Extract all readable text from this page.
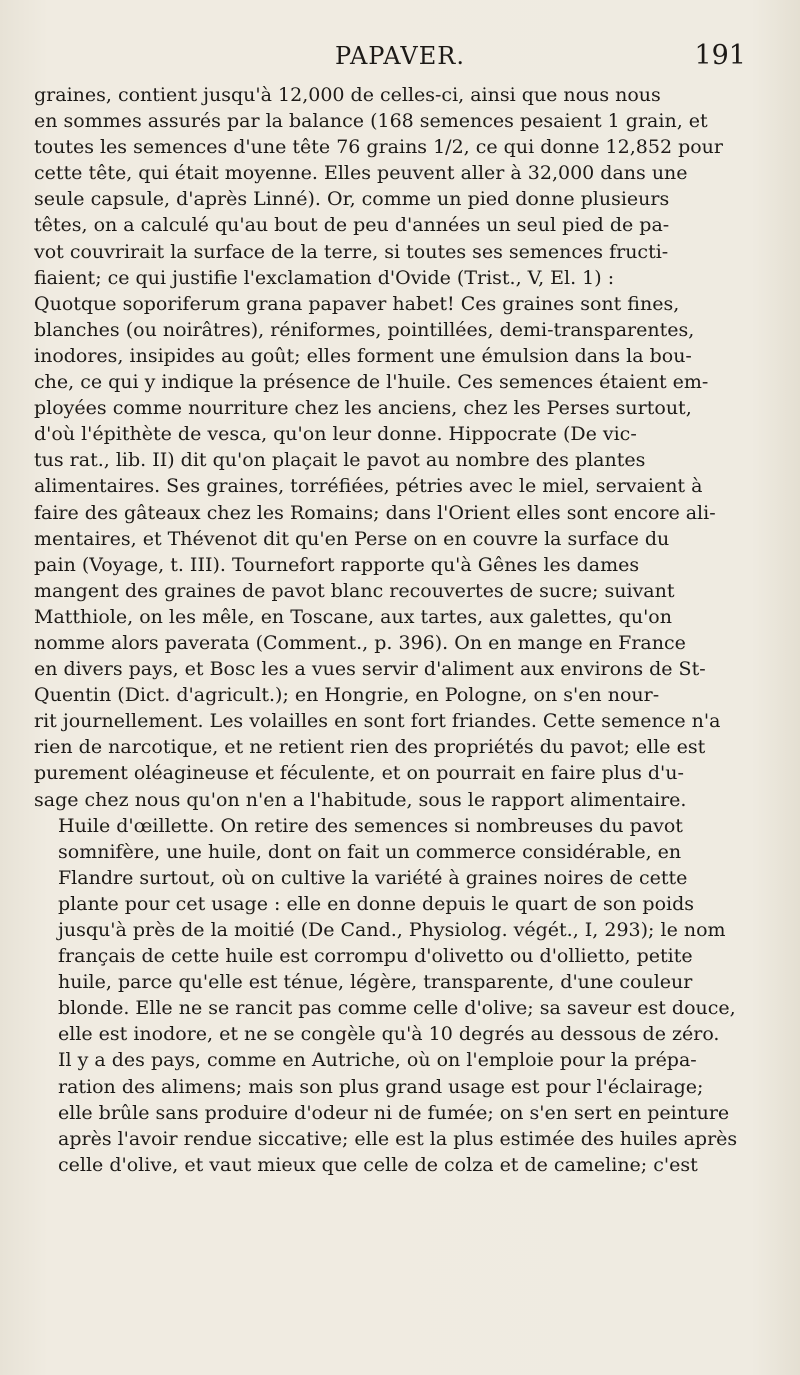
PAPAVER.	191

graines, contient jusqu'à 12,000 de celles-ci, ainsi que nous nous
en sommes assurés par la balance (168 semences pesaient 1 grain, et
toutes les semences d'une tête 76 grains 1/2, ce qui donne 12,852 pour
cette tête, qui était moyenne. Elles peuvent aller à 32,000 dans une
seule capsule, d'après Linné). Or, comme un pied donne plusieurs
têtes, on a calculé qu'au bout de peu d'années un seul pied de pa-
vot couvrirait la surface de la terre, si toutes ses semences fructi-
fiaient; ce qui justifie l'exclamation d'Ovide (Trist., V, El. 1) :
Quotque soporiferum grana papaver habet! Ces graines sont fines,
blanches (ou noirâtres), réniformes, pointillées, demi-transparentes,
inodores, insipides au goût; elles forment une émulsion dans la bou-
che, ce qui y indique la présence de l'huile. Ces semences étaient em-
ployées comme nourriture chez les anciens, chez les Perses surtout,
d'où l'épithète de vesca, qu'on leur donne. Hippocrate (De vic-
tus rat., lib. II) dit qu'on plaçait le pavot au nombre des plantes
alimentaires. Ses graines, torréfiées, pétries avec le miel, servaient à
faire des gâteaux chez les Romains; dans l'Orient elles sont encore ali-
mentaires, et Thévenot dit qu'en Perse on en couvre la surface du
pain (Voyage, t. III). Tournefort rapporte qu'à Gênes les dames
mangent des graines de pavot blanc recouvertes de sucre; suivant
Matthiole, on les mêle, en Toscane, aux tartes, aux galettes, qu'on
nomme alors paverata (Comment., p. 396). On en mange en France
en divers pays, et Bosc les a vues servir d'aliment aux environs de St-
Quentin (Dict. d'agricult.); en Hongrie, en Pologne, on s'en nour-
rit journellement. Les volailles en sont fort friandes. Cette semence n'a
rien de narcotique, et ne retient rien des propriétés du pavot; elle est
purement oléagineuse et féculente, et on pourrait en faire plus d'u-
sage chez nous qu'on n'en a l'habitude, sous le rapport alimentaire.

Huile d'œillette. On retire des semences si nombreuses du pavot
somnifère, une huile, dont on fait un commerce considérable, en
Flandre surtout, où on cultive la variété à graines noires de cette
plante pour cet usage : elle en donne depuis le quart de son poids
jusqu'à près de la moitié (De Cand., Physiolog. végét., I, 293); le nom
français de cette huile est corrompu d'olivetto ou d'ollietto, petite
huile, parce qu'elle est ténue, légère, transparente, d'une couleur
blonde. Elle ne se rancit pas comme celle d'olive; sa saveur est douce,
elle est inodore, et ne se congèle qu'à 10 degrés au dessous de zéro.
Il y a des pays, comme en Autriche, où on l'emploie pour la prépa-
ration des alimens; mais son plus grand usage est pour l'éclairage;
elle brûle sans produire d'odeur ni de fumée; on s'en sert en peinture
après l'avoir rendue siccative; elle est la plus estimée des huiles après
celle d'olive, et vaut mieux que celle de colza et de cameline; c'est
